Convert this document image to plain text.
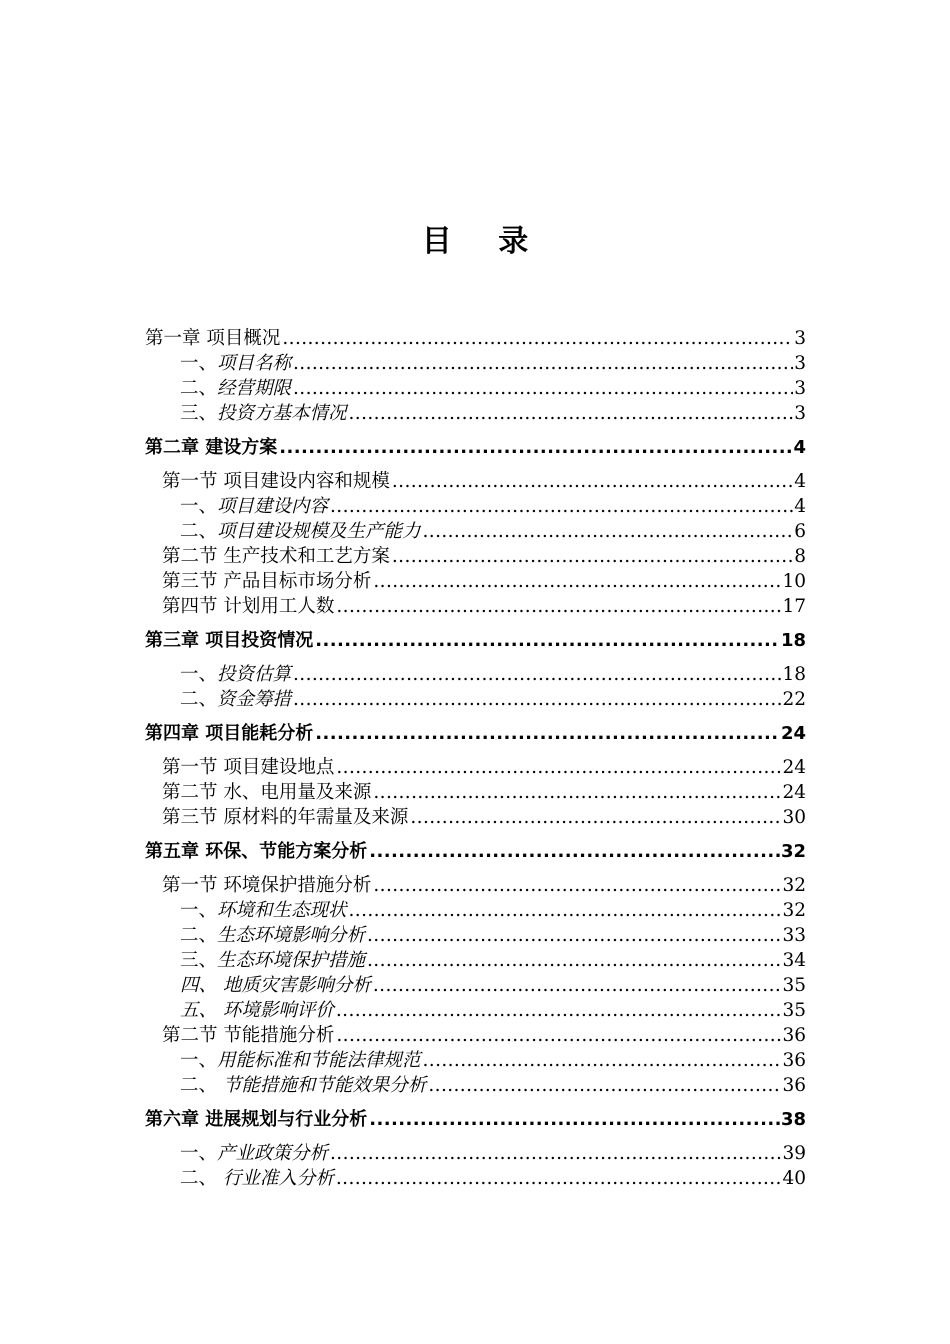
目 录
第一章 项目概况 .....	3
一、项目名称 .....	3
二、经营期限 .....	3
三、投资方基本情况 .....	3
第二章 建设方案 .....	4
第一节 项目建设内容和规模 .....	4
一、项目建设内容 .....	4
二、项目建设规模及生产能力 .....	6
第二节 生产技术和工艺方案 .....	8
第三节 产品目标市场分析 .....	10
第四节 计划用工人数 .....	17
第三章 项目投资情况 .....	18
一、投资估算 .....	18
二、资金筹措 .....	22
第四章 项目能耗分析 .....	24
第一节 项目建设地点 .....	24
第二节 水、电用量及来源 .....	24
第三节 原材料的年需量及来源 .....	30
第五章 环保、节能方案分析 .....	32
第一节 环境保护措施分析 .....	32
一、环境和生态现状 .....	32
二、生态环境影响分析 .....	33
三、生态环境保护措施 .....	34
四、 地质灾害影响分析 .....	35
五、 环境影响评价 .....	35
第二节 节能措施分析 .....	36
一、用能标准和节能法律规范 .....	36
二、 节能措施和节能效果分析 .....	36
第六章 进展规划与行业分析 .....	38
一、产业政策分析 .....	39
二、 行业准入分析 .....	40
